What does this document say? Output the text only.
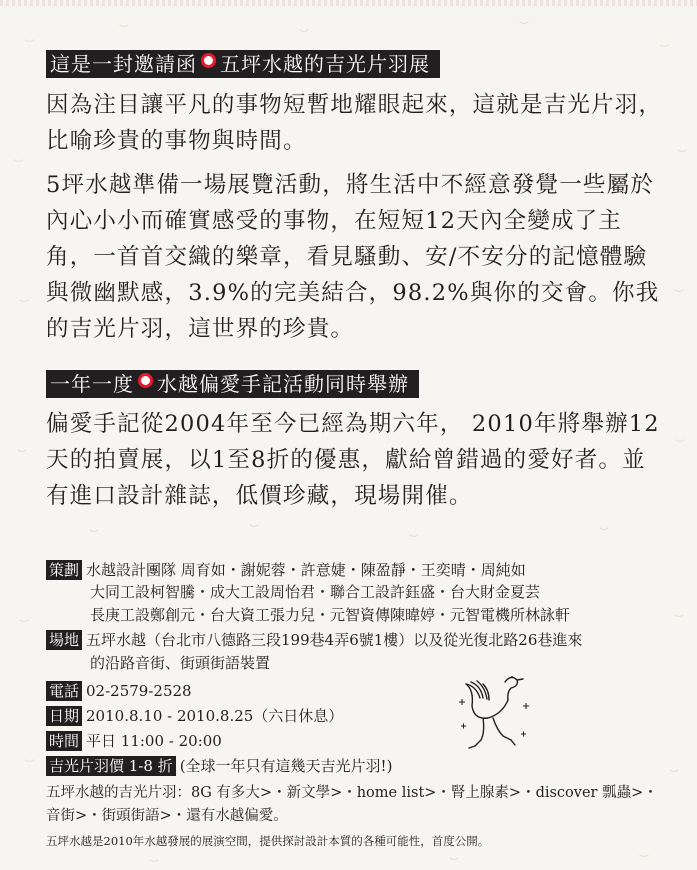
這是一封邀請函 五坪水越的吉光片羽展

因為注目讓平凡的事物短暫地耀眼起來，這就是吉光片羽，比喻珍貴的事物與時間。

5坪水越準備一場展覽活動，將生活中不經意發覺一些屬於內心小小而確實感受的事物，在短短12天內全變成了主角，一首首交織的樂章，看見騷動、安/不安分的記憶體驗與微幽默感，3.9%的完美結合，98.2%與你的交會。你我的吉光片羽，這世界的珍貴。

一年一度 水越偏愛手記活動同時舉辦

偏愛手記從2004年至今已經為期六年， 2010年將舉辦12天的拍賣展，以1至8折的優惠，獻給曾錯過的愛好者。並有進口設計雜誌，低價珍藏，現場開催。

策劃 水越設計團隊 周育如・謝妮蓉・許意婕・陳盈靜・王奕晴・周純如
大同工設柯智騰・成大工設周怡君・聯合工設許鈺盛・台大財金夏芸
長庚工設鄭創元・台大資工張力兒・元智資傳陳暐婷・元智電機所林詠軒
場地 五坪水越（台北市八德路三段199巷4弄6號1樓）以及從光復北路26巷進來
的沿路音街、街頭街語裝置
電話 02-2579-2528
日期 2010.8.10 - 2010.8.25（六日休息）
時間 平日 11:00 - 20:00
吉光片羽價 1-8 折 (全球一年只有這幾天吉光片羽!)

五坪水越的吉光片羽：8G 有多大>・新文學>・home list>・腎上腺素>・discover 瓢蟲>・音街>・街頭街語>・還有水越偏愛。

五坪水越是2010年水越發展的展演空間，提供探討設計本質的各種可能性，首度公開。
